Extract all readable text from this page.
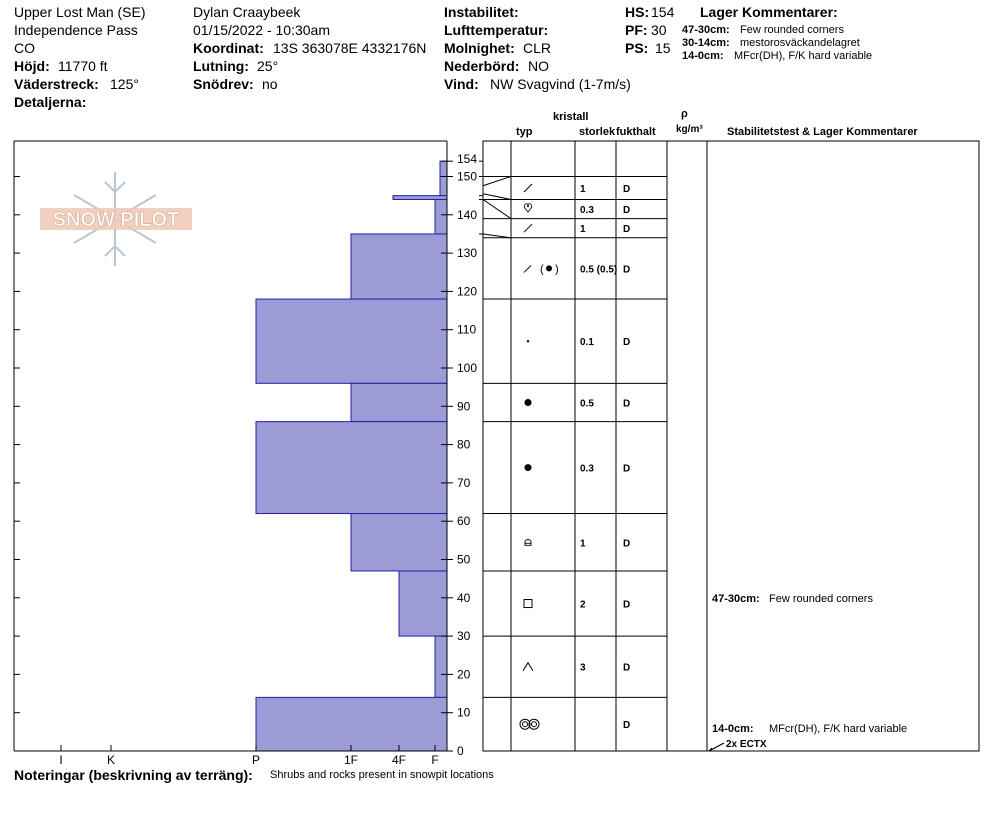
Upper Lost Man (SE)
Independence Pass
CO
Höjd: 11770 ft
Väderstreck: 125°
Detaljerna:
Dylan Craaybeek
01/15/2022 - 10:30am
Koordinat: 13S 363078E 4332176N
Lutning: 25°
Snödrev: no
Instabilitet:
Lufttemperatur:
Molnighet: CLR
Nederbörd: NO
Vind: NW Svagvind (1-7m/s)
HS: 154
PF: 30
PS: 15
Lager Kommentarer:
47-30cm: Few rounded corners
30-14cm: mestorosväckandelagret
14-0cm: MFcr(DH), F/K hard variable
kristall
typ	storlek fukthalt
ρ
kg/m³ Stabilitetstest & Lager Kommentarer
SNOW PILOT
0
10
20
30
40
50
60
70
80
90
100
110
120
130
140
150
154
I	K	P	1F	4F F
1	D
0.3	D
1	D
0.5 (0.5) D
( )
0.1	D
0.5	D
0.3	D
1	D
2	D
3	D
D
47-30cm: Few rounded corners
14-0cm: MFcr(DH), F/K hard variable
2x ECTX
Noteringar (beskrivning av terräng): Shrubs and rocks present in snowpit locations
